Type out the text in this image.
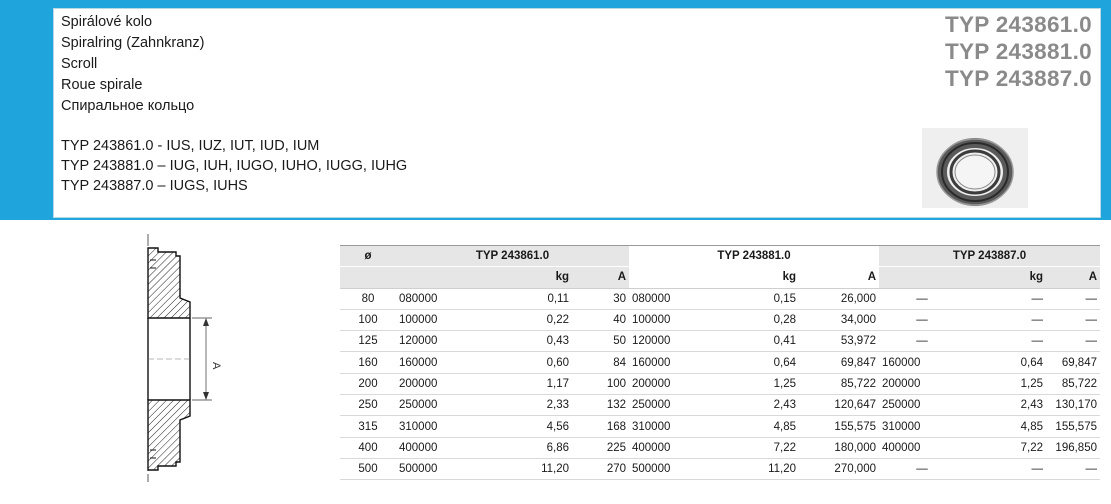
Spirálové kolo
Spiralring (Zahnkranz)
Scroll
Roue spirale
Спиральное кольцо
TYP 243861.0 - IUS, IUZ, IUT, IUD, IUM
TYP 243881.0 – IUG, IUH, IUGO, IUHO, IUGG, IUHG
TYP 243887.0 – IUGS, IUHS
TYP 243861.0
TYP 243881.0
TYP 243887.0
A
ø	TYP 243861.0			TYP 243881.0			TYP 243887.0		
		kg	A		kg	A		kg	A
80	080000	0,11	30	080000	0,15	26,000	—	—	—
100	100000	0,22	40	100000	0,28	34,000	—	—	—
125	120000	0,43	50	120000	0,41	53,972	—	—	—
160	160000	0,60	84	160000	0,64	69,847	160000	0,64	69,847
200	200000	1,17	100	200000	1,25	85,722	200000	1,25	85,722
250	250000	2,33	132	250000	2,43	120,647	250000	2,43	130,170
315	310000	4,56	168	310000	4,85	155,575	310000	4,85	155,575
400	400000	6,86	225	400000	7,22	180,000	400000	7,22	196,850
500	500000	11,20	270	500000	11,20	270,000	—	—	—
